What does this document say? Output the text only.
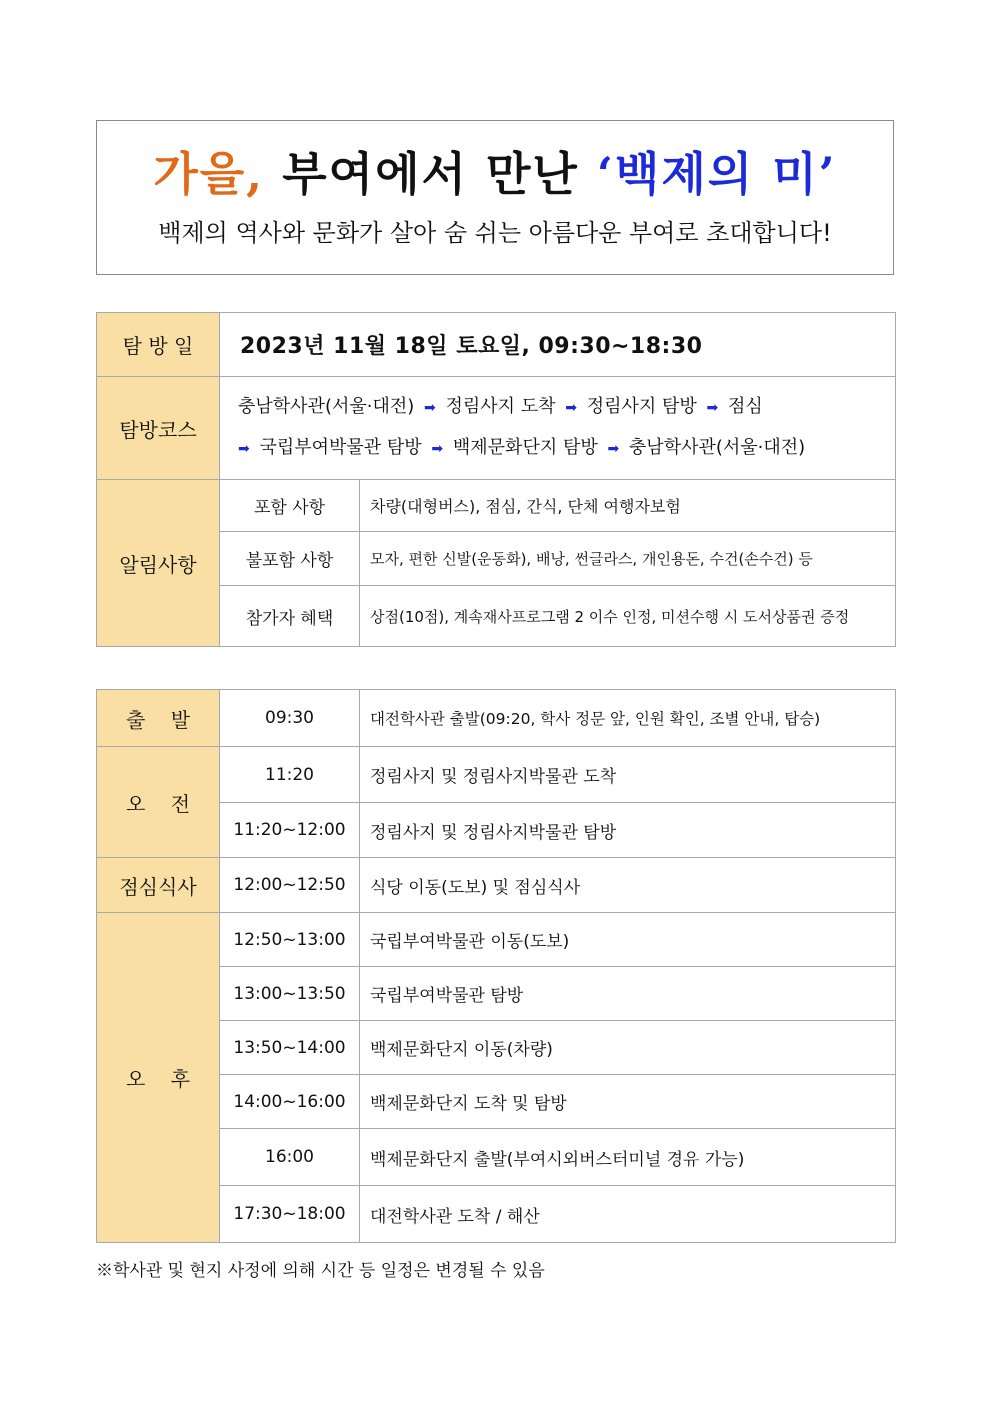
가을, 부여에서 만난 ‘백제의 미’
백제의 역사와 문화가 살아 숨 쉬는 아름다운 부여로 초대합니다!
탐 방 일	2023년 11월 18일 토요일, 09:30~18:30	
탐방코스	충남학사관(서울·대전) ➡ 정림사지 도착 ➡ 정림사지 탐방 ➡ 점심
➡ 국립부여박물관 탐방 ➡ 백제문화단지 탐방 ➡ 충남학사관(서울·대전)	

알림사항	포함 사항	차량(대형버스), 점심, 간식, 단체 여행자보험
	불포함 사항	모자, 편한 신발(운동화), 배낭, 썬글라스, 개인용돈, 수건(손수건) 등
	참가자 혜택	상점(10점), 계속재사프로그램 2 이수 인정, 미션수행 시 도서상품권 증정
출    발	09:30	대전학사관 출발(09:20, 학사 정문 앞, 인원 확인, 조별 안내, 탑승)
오    전	11:20	정림사지 및 정림사지박물관 도착
	11:20~12:00	정림사지 및 정림사지박물관 탐방
점심식사	12:00~12:50	식당 이동(도보) 및 점심식사
오    후	12:50~13:00	국립부여박물관 이동(도보)
	13:00~13:50	국립부여박물관 탐방
	13:50~14:00	백제문화단지 이동(차량)
	14:00~16:00	백제문화단지 도착 및 탐방
	16:00	백제문화단지 출발(부여시외버스터미널 경유 가능)
	17:30~18:00	대전학사관 도착 / 해산
※학사관 및 현지 사정에 의해 시간 등 일정은 변경될 수 있음
